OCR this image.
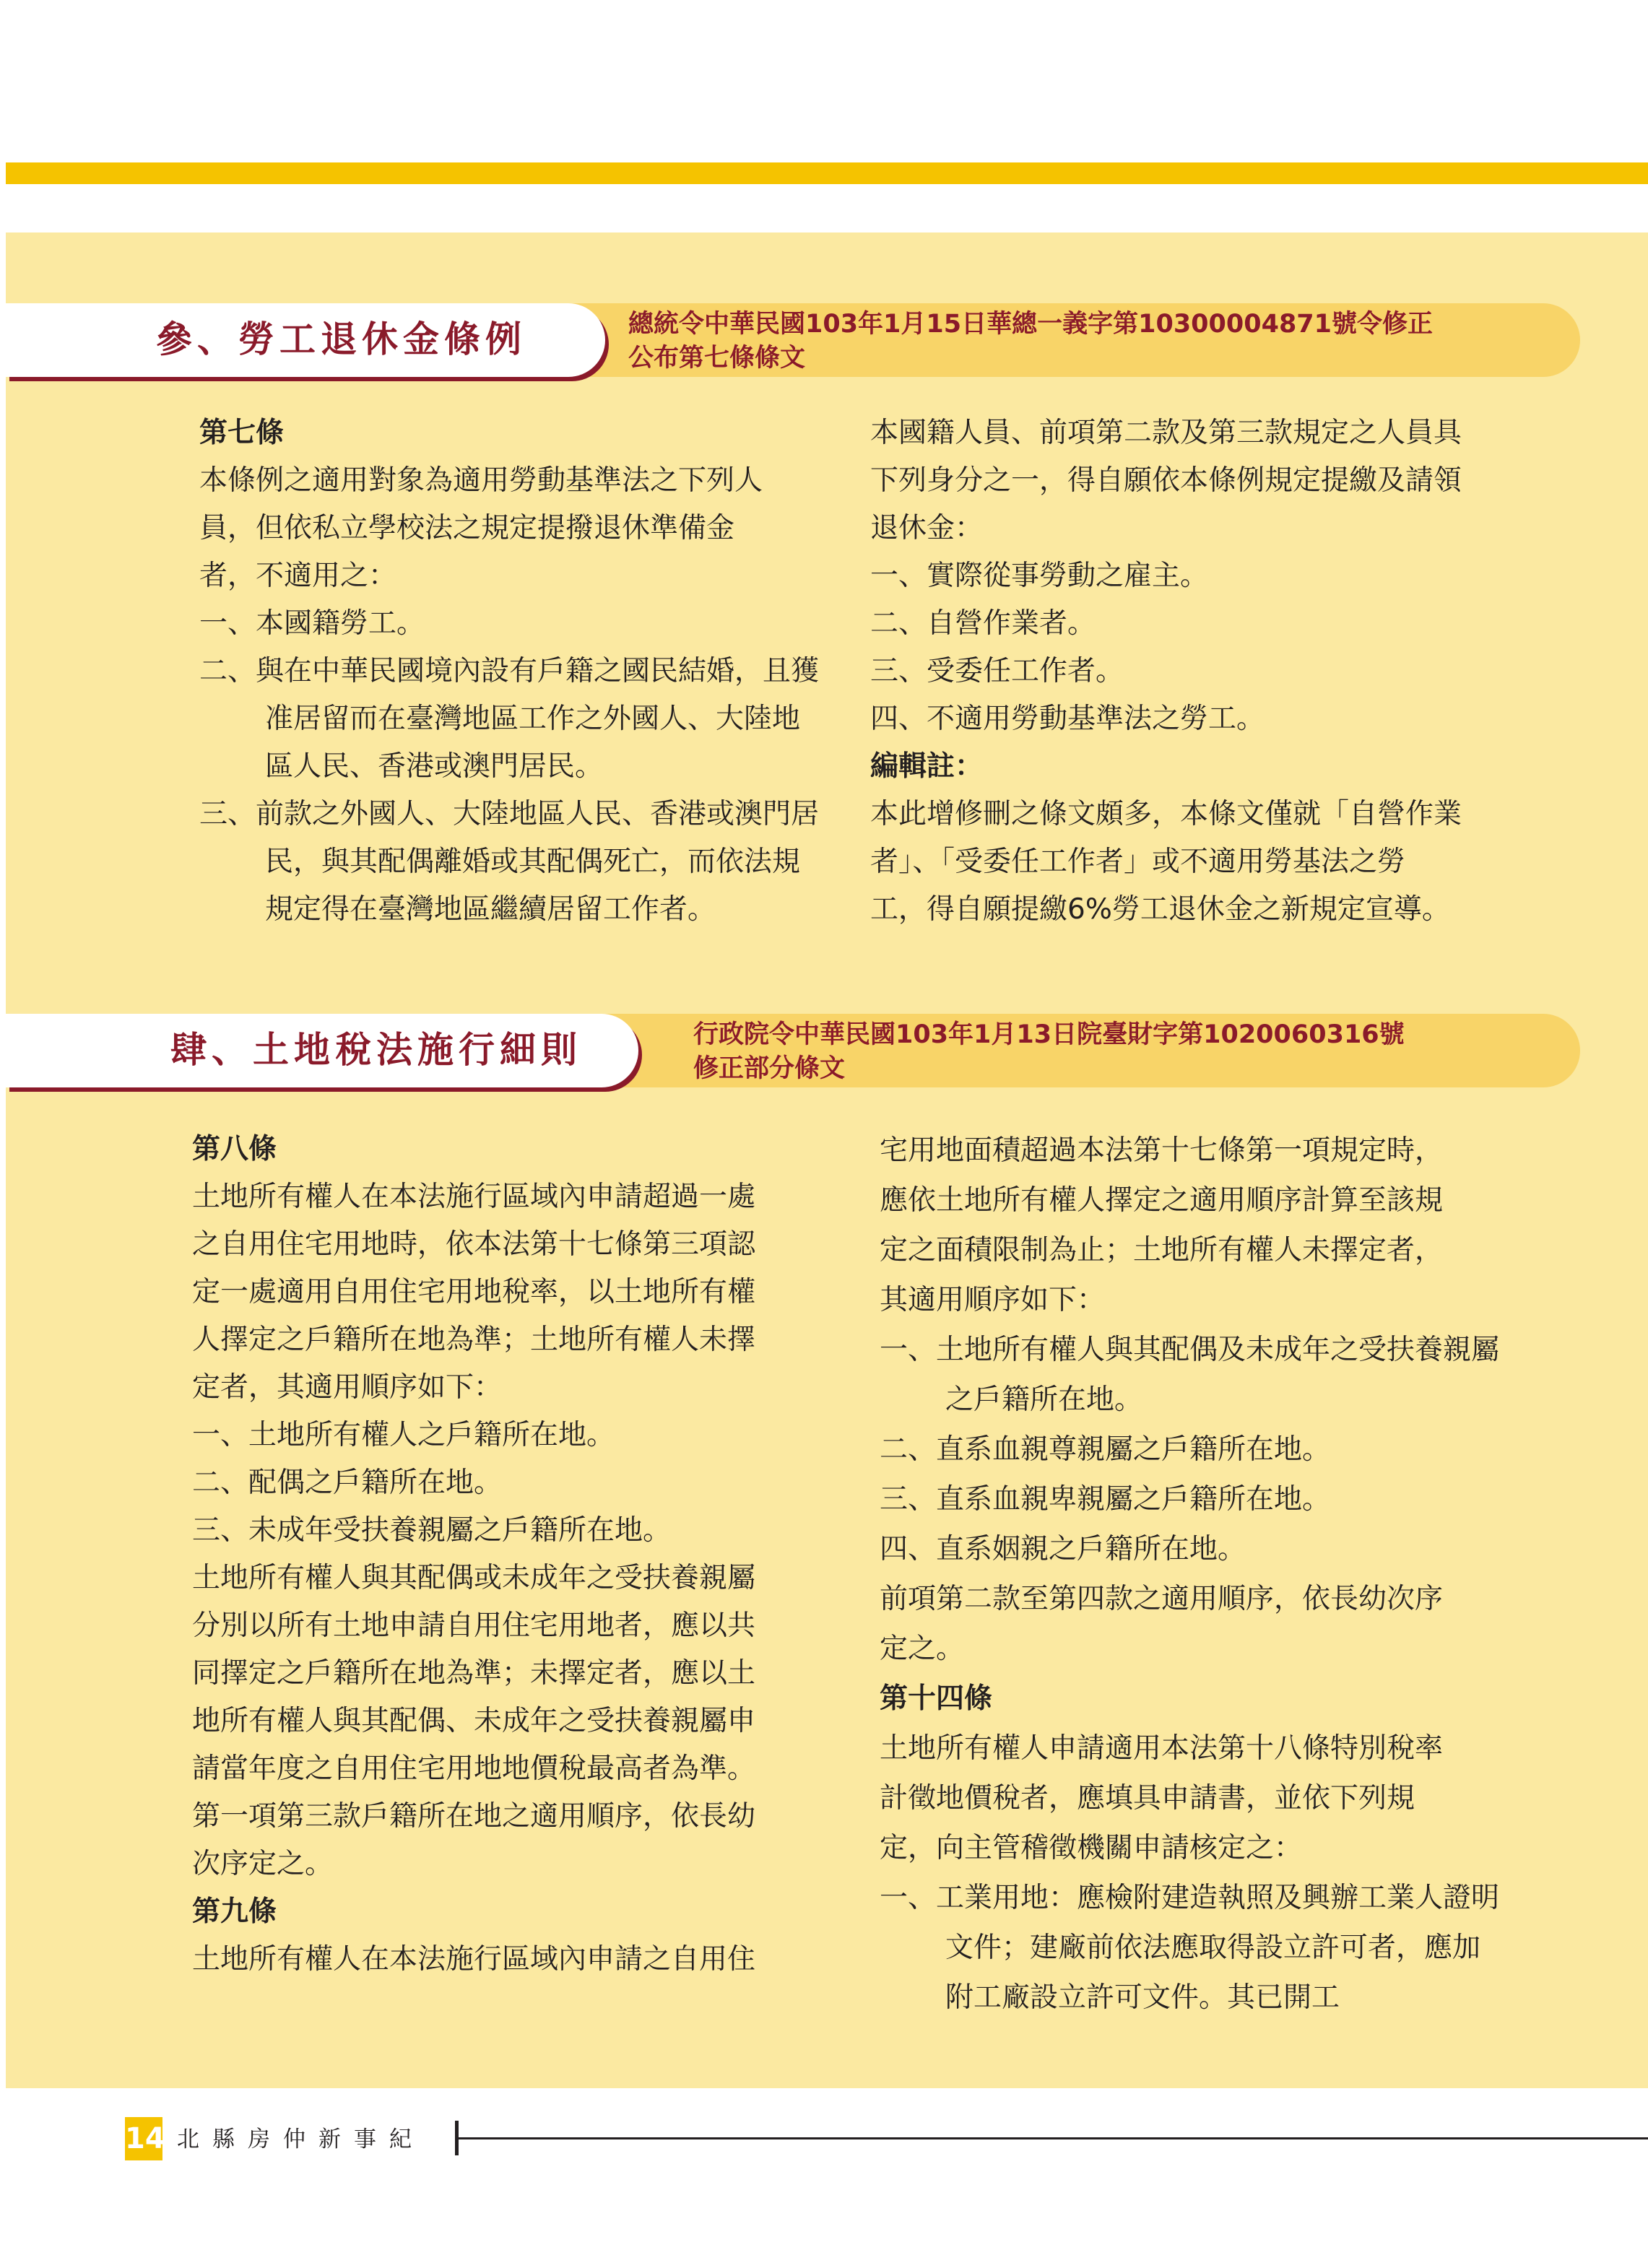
參、勞工退休金條例	總統令中華民國103年1月15日華總一義字第10300004871號令修正
公布第七條條文
第七條
本條例之適用對象為適用勞動基準法之下列人
員，但依私立學校法之規定提撥退休準備金
者，不適用之：
一、本國籍勞工。
二、與在中華民國境內設有戶籍之國民結婚，且獲准居留而在臺灣地區工作之外國人、大陸地區人民、香港或澳門居民。
三、前款之外國人、大陸地區人民、香港或澳門居民，與其配偶離婚或其配偶死亡，而依法規規定得在臺灣地區繼續居留工作者。
本國籍人員、前項第二款及第三款規定之人員具
下列身分之一，得自願依本條例規定提繳及請領
退休金：
一、實際從事勞動之雇主。
二、自營作業者。
三、受委任工作者。
四、不適用勞動基準法之勞工。
編輯註：
本此增修刪之條文頗多，本條文僅就「自營作業
者」、「受委任工作者」或不適用勞基法之勞
工，得自願提繳6%勞工退休金之新規定宣導。
肆、土地稅法施行細則	行政院令中華民國103年1月13日院臺財字第1020060316號
修正部分條文
第八條
土地所有權人在本法施行區域內申請超過一處
之自用住宅用地時，依本法第十七條第三項認
定一處適用自用住宅用地稅率，以土地所有權
人擇定之戶籍所在地為準；土地所有權人未擇
定者，其適用順序如下：
一、土地所有權人之戶籍所在地。
二、配偶之戶籍所在地。
三、未成年受扶養親屬之戶籍所在地。
土地所有權人與其配偶或未成年之受扶養親屬
分別以所有土地申請自用住宅用地者，應以共
同擇定之戶籍所在地為準；未擇定者，應以土
地所有權人與其配偶、未成年之受扶養親屬申
請當年度之自用住宅用地地價稅最高者為準。
第一項第三款戶籍所在地之適用順序，依長幼
次序定之。
第九條
土地所有權人在本法施行區域內申請之自用住
宅用地面積超過本法第十七條第一項規定時，
應依土地所有權人擇定之適用順序計算至該規
定之面積限制為止；土地所有權人未擇定者，
其適用順序如下：
一、土地所有權人與其配偶及未成年之受扶養親屬之戶籍所在地。
二、直系血親尊親屬之戶籍所在地。
三、直系血親卑親屬之戶籍所在地。
四、直系姻親之戶籍所在地。
前項第二款至第四款之適用順序，依長幼次序
定之。
第十四條
土地所有權人申請適用本法第十八條特別稅率
計徵地價稅者，應填具申請書，並依下列規
定，向主管稽徵機關申請核定之：
一、工業用地：應檢附建造執照及興辦工業人證明文件；建廠前依法應取得設立許可者，應加附工廠設立許可文件。其已開工
14 北縣房仲新事紀
